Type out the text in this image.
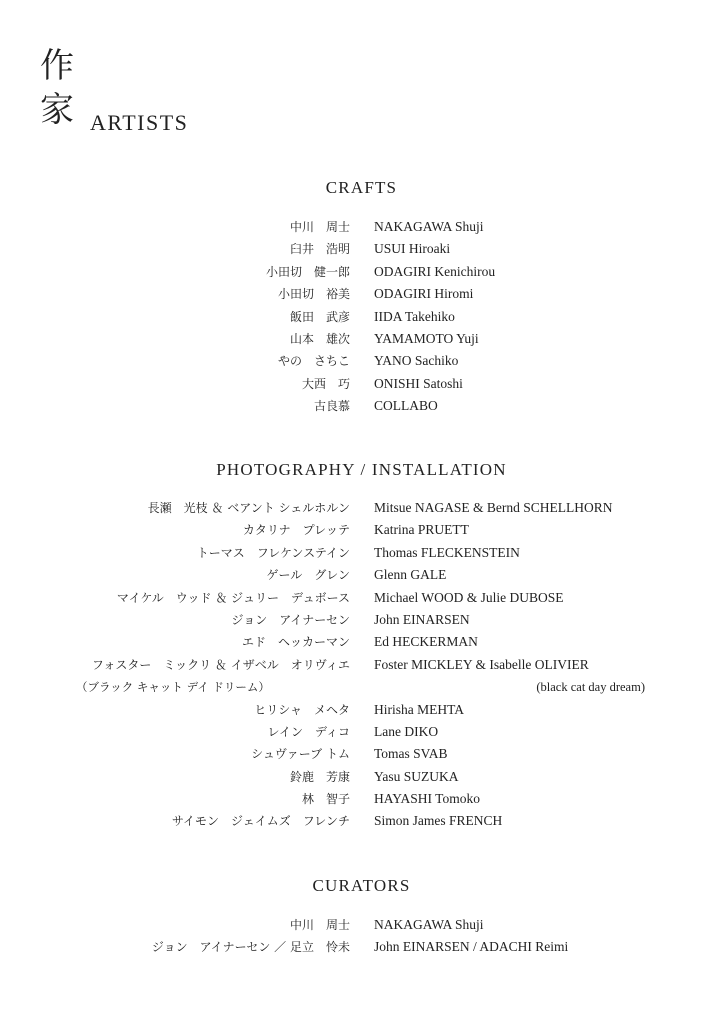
作
家 ARTISTS
CRAFTS
中川　周士 NAKAGAWA Shuji
臼井　浩明 USUI Hiroaki
小田切　健一郎 ODAGIRI Kenichirou
小田切　裕美 ODAGIRI Hiromi
飯田　武彦 IIDA Takehiko
山本　雄次 YAMAMOTO Yuji
やの　さちこ YANO Sachiko
大西　巧 ONISHI Satoshi
古良慕 COLLABO
PHOTOGRAPHY / INSTALLATION
長瀬　光枝 ＆ ベアント シェルホルン Mitsue NAGASE & Bernd SCHELLHORN
カタリナ　プレッテ Katrina PRUETT
トーマス　フレケンステイン Thomas FLECKENSTEIN
ゲール　グレン Glenn GALE
マイケル　ウッド ＆ ジュリー　デュボース Michael WOOD & Julie DUBOSE
ジョン　アイナーセン John EINARSEN
エド　ヘッカーマン Ed HECKERMAN
フォスター　ミックリ ＆ イザベル　オリヴィエ Foster MICKLEY & Isabelle OLIVIER
（ブラック キャット デイ ドリーム）	(black cat day dream)
ヒリシャ　メヘタ Hirisha MEHTA
レイン　ディコ Lane DIKO
シュヴァーブ トム Tomas SVAB
鈴鹿　芳康 Yasu SUZUKA
林　智子 HAYASHI Tomoko
サイモン　ジェイムズ　フレンチ Simon James FRENCH
CURATORS
中川　周士 NAKAGAWA Shuji
ジョン　アイナーセン ／ 足立　怜未 John EINARSEN / ADACHI Reimi
